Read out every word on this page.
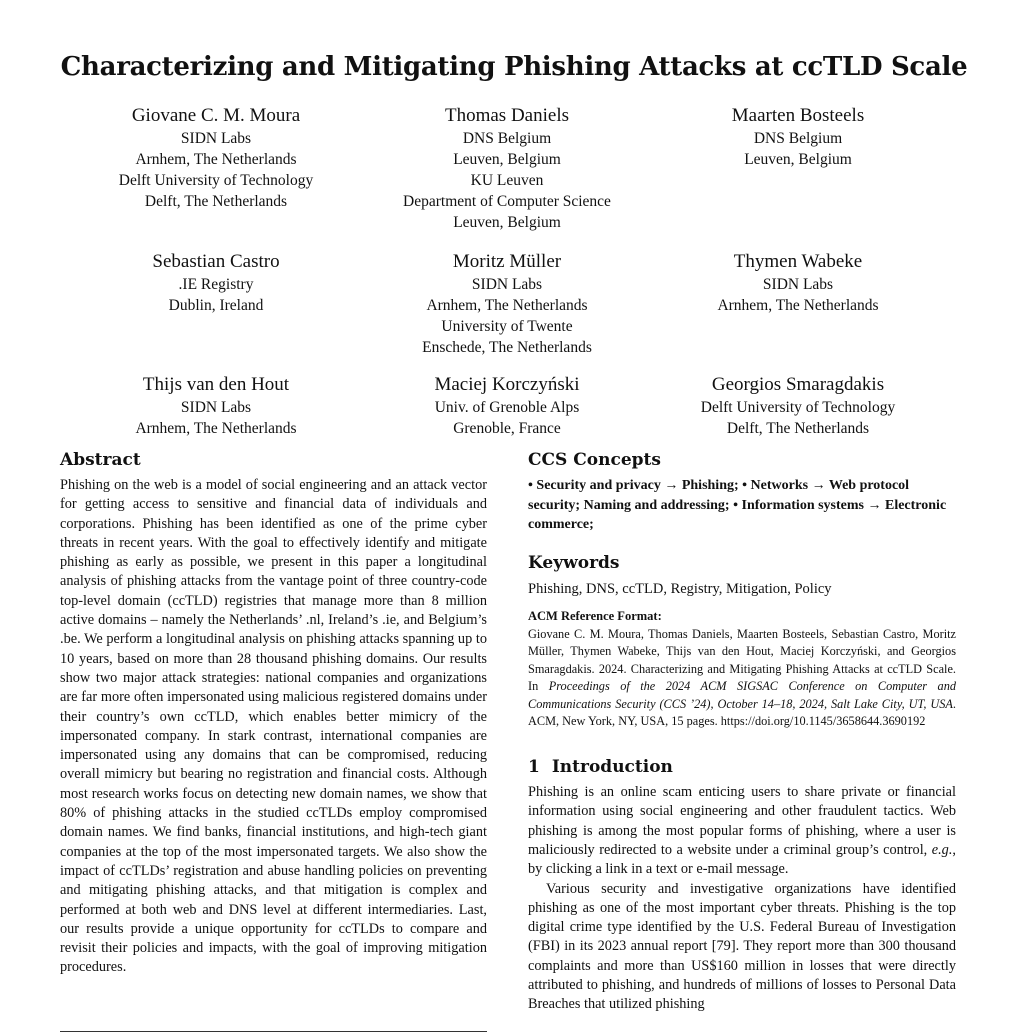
Characterizing and Mitigating Phishing Attacks at ccTLD Scale
Giovane C. M. Moura
SIDN Labs
Arnhem, The Netherlands
Delft University of Technology
Delft, The Netherlands
Thomas Daniels
DNS Belgium
Leuven, Belgium
KU Leuven
Department of Computer Science
Leuven, Belgium
Maarten Bosteels
DNS Belgium
Leuven, Belgium
Sebastian Castro
.IE Registry
Dublin, Ireland
Moritz Müller
SIDN Labs
Arnhem, The Netherlands
University of Twente
Enschede, The Netherlands
Thymen Wabeke
SIDN Labs
Arnhem, The Netherlands
Thijs van den Hout
SIDN Labs
Arnhem, The Netherlands
Maciej Korczyński
Univ. of Grenoble Alps
Grenoble, France
Georgios Smaragdakis
Delft University of Technology
Delft, The Netherlands
Abstract

Phishing on the web is a model of social engineering and an attack vector for getting access to sensitive and financial data of individuals and corporations. Phishing has been identified as one of the prime cyber threats in recent years. With the goal to effectively identify and mitigate phishing as early as possible, we present in this paper a longitudinal analysis of phishing attacks from the vantage point of three country-code top-level domain (ccTLD) registries that manage more than 8 million active domains – namely the Netherlands’ .nl, Ireland’s .ie, and Belgium’s .be. We perform a longitudinal analysis on phishing attacks spanning up to 10 years, based on more than 28 thousand phishing domains. Our results show two major attack strategies: national companies and organizations are far more often impersonated using malicious registered domains under their country’s own ccTLD, which enables better mimicry of the impersonated company. In stark contrast, international companies are impersonated using any domains that can be compromised, reducing overall mimicry but bearing no registration and financial costs. Although most research works focus on detecting new domain names, we show that 80% of phishing attacks in the studied ccTLDs employ compromised domain names. We find banks, financial institutions, and high-tech giant companies at the top of the most impersonated targets. We also show the impact of ccTLDs’ registration and abuse handling policies on preventing and mitigating phishing attacks, and that mitigation is complex and performed at both web and DNS level at different intermediaries. Last, our results provide a unique opportunity for ccTLDs to compare and revisit their policies and impacts, with the goal of improving mitigation procedures.

CCS Concepts

• Security and privacy → Phishing; • Networks → Web protocol security; Naming and addressing; • Information systems → Electronic commerce;

Keywords

Phishing, DNS, ccTLD, Registry, Mitigation, Policy

ACM Reference Format:

Giovane C. M. Moura, Thomas Daniels, Maarten Bosteels, Sebastian Castro, Moritz Müller, Thymen Wabeke, Thijs van den Hout, Maciej Korczyński, and Georgios Smaragdakis. 2024. Characterizing and Mitigating Phishing Attacks at ccTLD Scale. In Proceedings of the 2024 ACM SIGSAC Conference on Computer and Communications Security (CCS ’24), October 14–18, 2024, Salt Lake City, UT, USA. ACM, New York, NY, USA, 15 pages. https://doi.org/10.1145/3658644.3690192

1 Introduction

Phishing is an online scam enticing users to share private or financial information using social engineering and other fraudulent tactics. Web phishing is among the most popular forms of phishing, where a user is maliciously redirected to a website under a criminal group’s control, e.g., by clicking a link in a text or e-mail message.

Various security and investigative organizations have identified phishing as one of the most important cyber threats. Phishing is the top digital crime type identified by the U.S. Federal Bureau of Investigation (FBI) in its 2023 annual report [79]. They report more than 300 thousand complaints and more than US$160 million in losses that were directly attributed to phishing, and hundreds of millions of losses to Personal Data Breaches that utilized phishing
